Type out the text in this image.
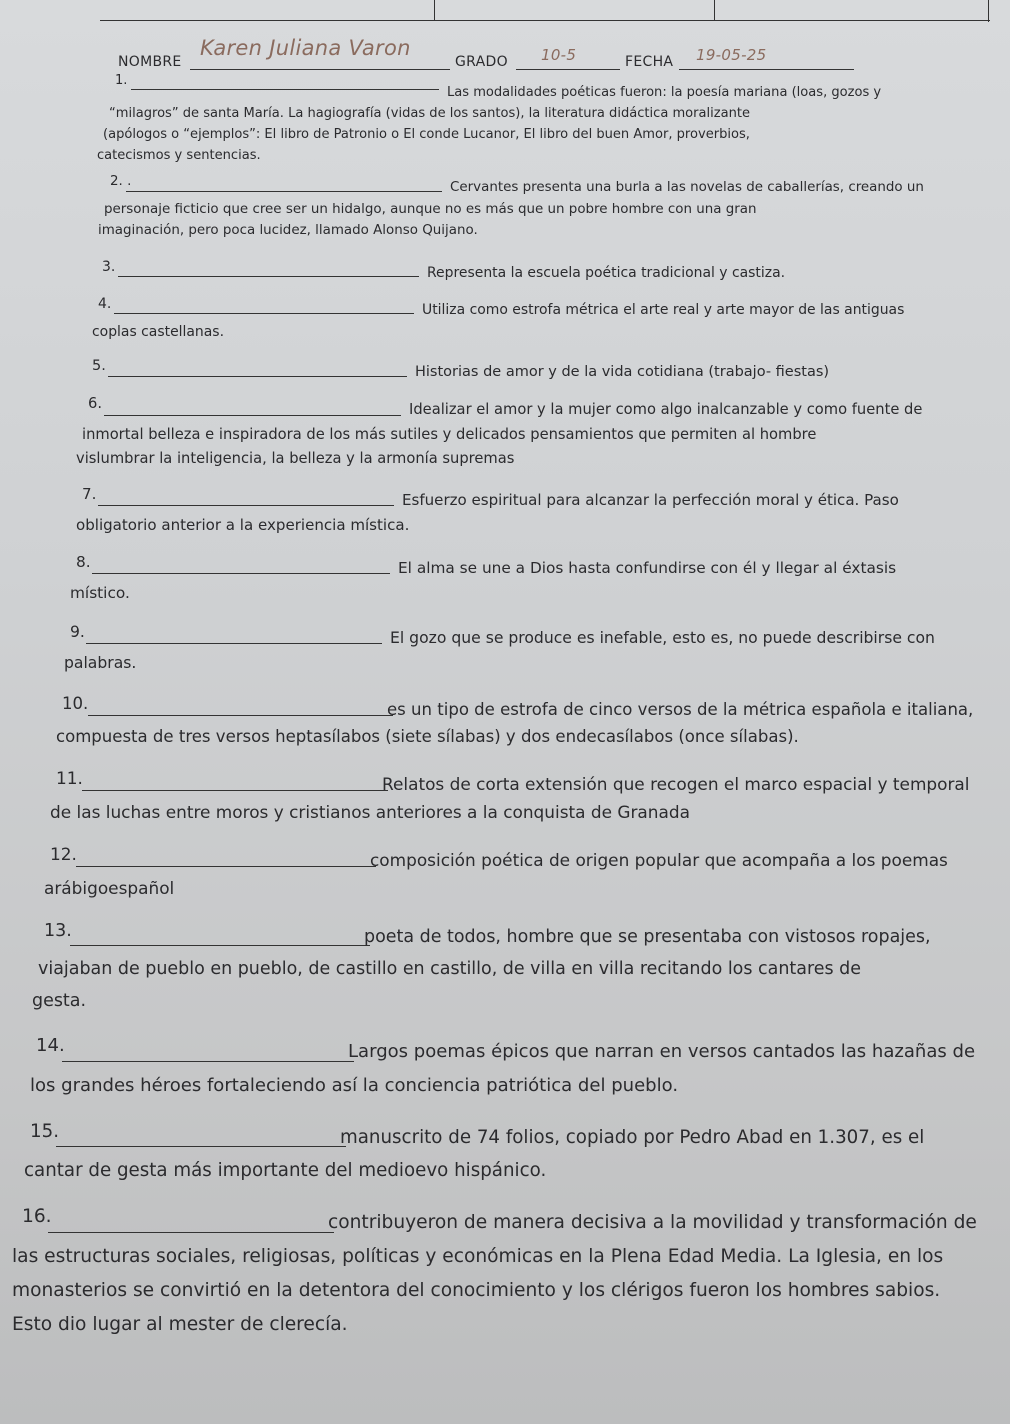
NOMBRE
Karen Juliana Varon
GRADO 10-5	FECHA 19-05-25
1.
Las modalidades poéticas fueron: la poesía mariana (loas, gozos y
“milagros” de santa María. La hagiografía (vidas de los santos), la literatura didáctica moralizante
(apólogos o “ejemplos”: El libro de Patronio o El conde Lucanor, El libro del buen Amor, proverbios,
catecismos y sentencias.
2. .	Cervantes presenta una burla a las novelas de caballerías, creando un
personaje ficticio que cree ser un hidalgo, aunque no es más que un pobre hombre con una gran
imaginación, pero poca lucidez, llamado Alonso Quijano.
3.	Representa la escuela poética tradicional y castiza.
4.	Utiliza como estrofa métrica el arte real y arte mayor de las antiguas
coplas castellanas.
5.	Historias de amor y de la vida cotidiana (trabajo- fiestas)
6.	Idealizar el amor y la mujer como algo inalcanzable y como fuente de
inmortal belleza e inspiradora de los más sutiles y delicados pensamientos que permiten al hombre
vislumbrar la inteligencia, la belleza y la armonía supremas
7.	Esfuerzo espiritual para alcanzar la perfección moral y ética. Paso
obligatorio anterior a la experiencia mística.
8.	El alma se une a Dios hasta confundirse con él y llegar al éxtasis
místico.
9.	El gozo que se produce es inefable, esto es, no puede describirse con
palabras.
10.	es un tipo de estrofa de cinco versos de la métrica española e italiana,
compuesta de tres versos heptasílabos (siete sílabas) y dos endecasílabos (once sílabas).
11.	Relatos de corta extensión que recogen el marco espacial y temporal
de las luchas entre moros y cristianos anteriores a la conquista de Granada
12.	composición poética de origen popular que acompaña a los poemas
arábigoespañol
13.	poeta de todos, hombre que se presentaba con vistosos ropajes,
viajaban de pueblo en pueblo, de castillo en castillo, de villa en villa recitando los cantares de
gesta.
14.	Largos poemas épicos que narran en versos cantados las hazañas de
los grandes héroes fortaleciendo así la conciencia patriótica del pueblo.
15.	manuscrito de 74 folios, copiado por Pedro Abad en 1.307, es el
cantar de gesta más importante del medioevo hispánico.
16.	contribuyeron de manera decisiva a la movilidad y transformación de
las estructuras sociales, religiosas, políticas y económicas en la Plena Edad Media. La Iglesia, en los
monasterios se convirtió en la detentora del conocimiento y los clérigos fueron los hombres sabios.
Esto dio lugar al mester de clerecía.
